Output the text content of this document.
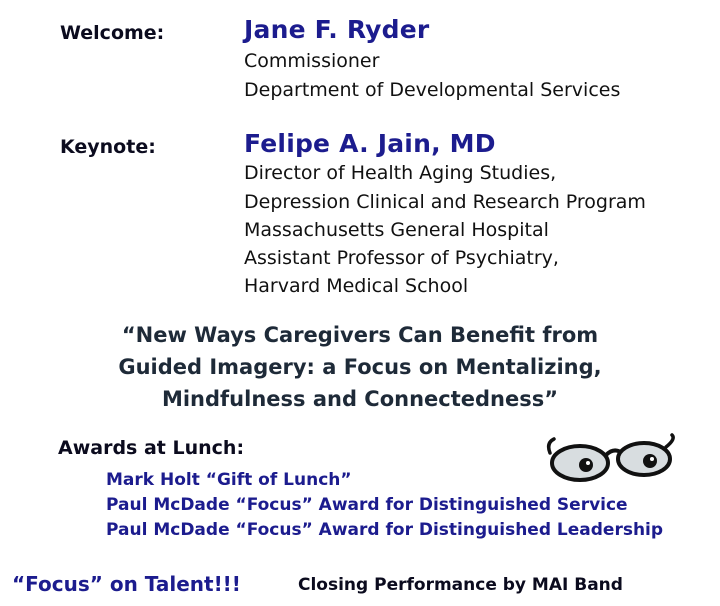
Welcome:	Jane F. Ryder
Commissioner
Department of Developmental Services
Keynote:	Felipe A. Jain, MD
Director of Health Aging Studies,
Depression Clinical and Research Program
Massachusetts General Hospital
Assistant Professor of Psychiatry,
Harvard Medical School
“New Ways Caregivers Can Benefit from
Guided Imagery: a Focus on Mentalizing,
Mindfulness and Connectedness”
Awards at Lunch:
Mark Holt “Gift of Lunch”
Paul McDade “Focus” Award for Distinguished Service
Paul McDade “Focus” Award for Distinguished Leadership
“Focus” on Talent!!!	Closing Performance by MAI Band
